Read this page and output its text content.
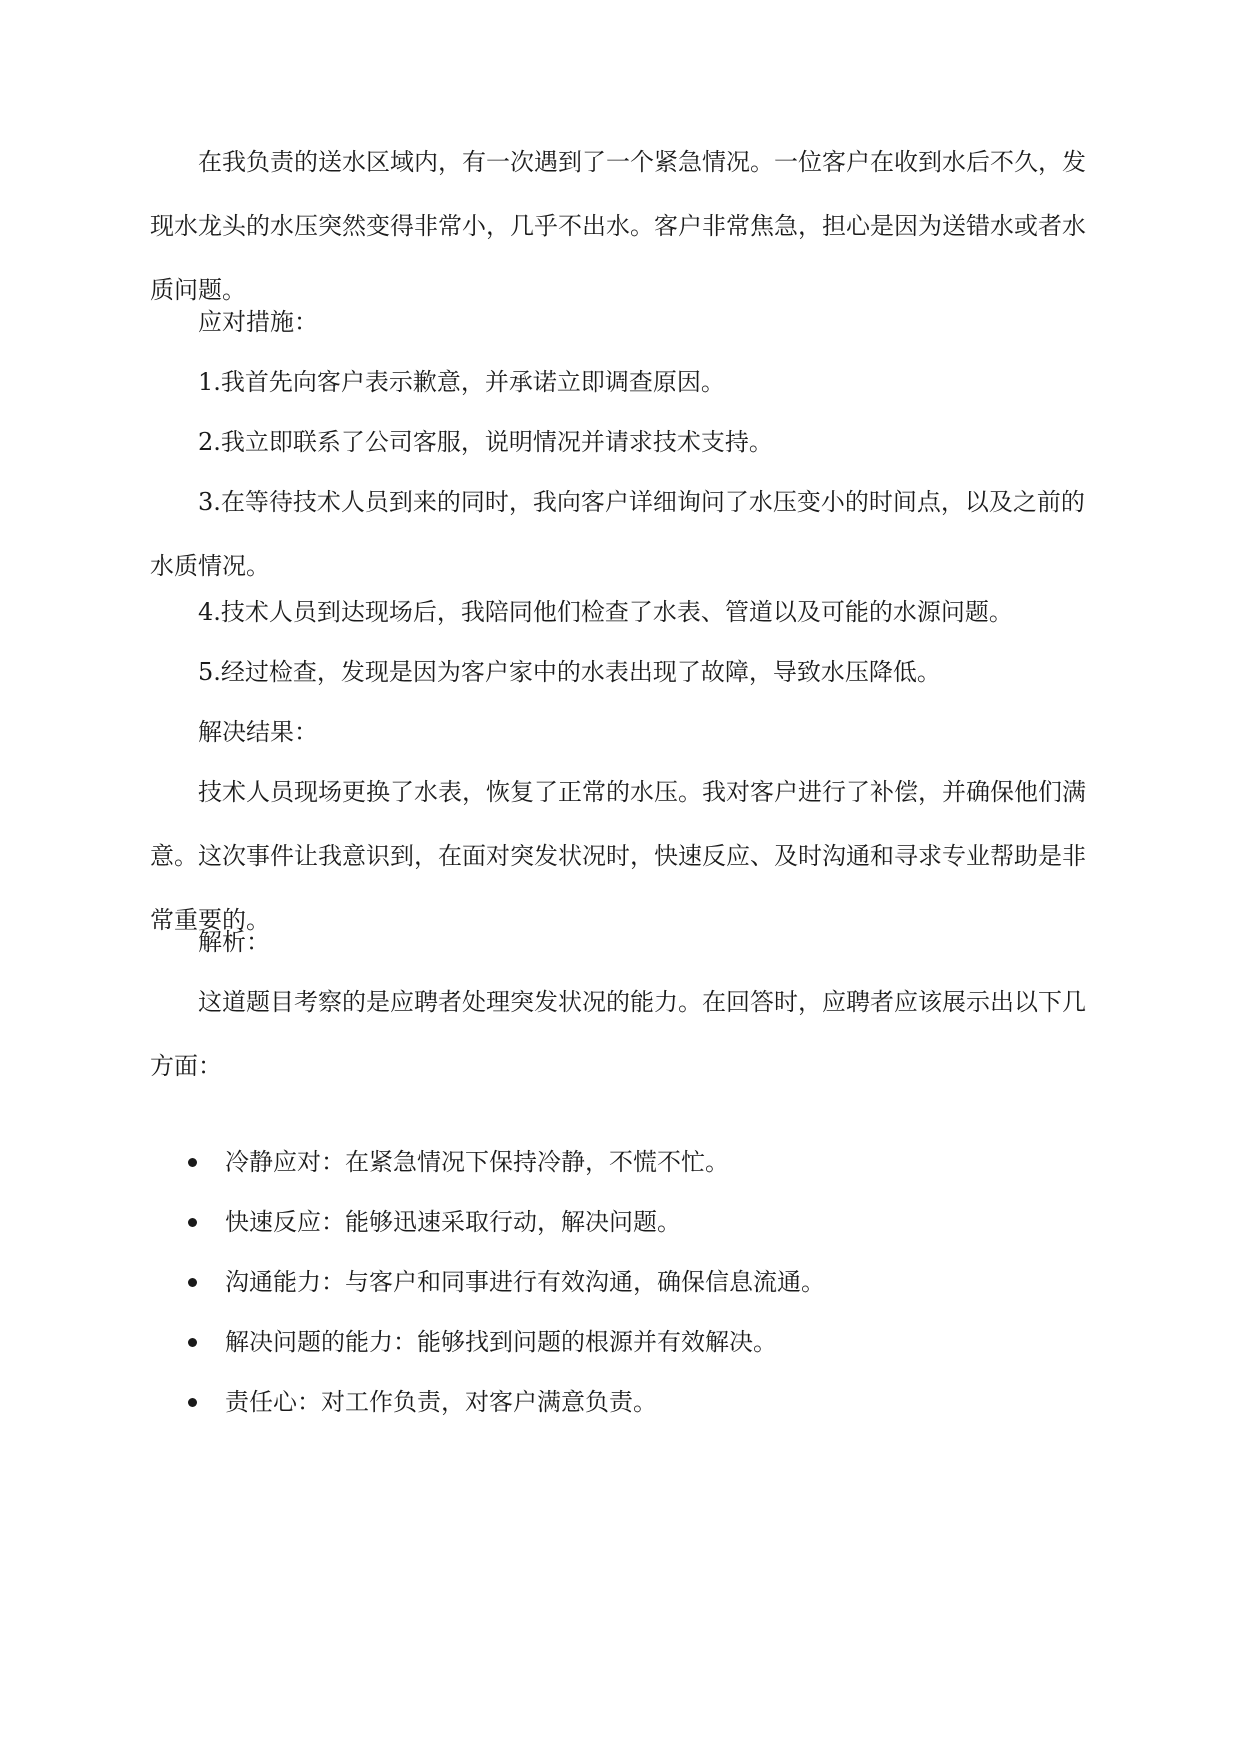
在我负责的送水区域内，有一次遇到了一个紧急情况。一位客户在收到水后不久，发现水龙头的水压突然变得非常小，几乎不出水。客户非常焦急，担心是因为送错水或者水质问题。

应对措施：

1.我首先向客户表示歉意，并承诺立即调查原因。

2.我立即联系了公司客服，说明情况并请求技术支持。

3.在等待技术人员到来的同时，我向客户详细询问了水压变小的时间点，以及之前的水质情况。

4.技术人员到达现场后，我陪同他们检查了水表、管道以及可能的水源问题。

5.经过检查，发现是因为客户家中的水表出现了故障，导致水压降低。

解决结果：

技术人员现场更换了水表，恢复了正常的水压。我对客户进行了补偿，并确保他们满意。这次事件让我意识到，在面对突发状况时，快速反应、及时沟通和寻求专业帮助是非常重要的。

解析：

这道题目考察的是应聘者处理突发状况的能力。在回答时，应聘者应该展示出以下几方面：

冷静应对：在紧急情况下保持冷静，不慌不忙。
快速反应：能够迅速采取行动，解决问题。
沟通能力：与客户和同事进行有效沟通，确保信息流通。
解决问题的能力：能够找到问题的根源并有效解决。
责任心：对工作负责，对客户满意负责。
